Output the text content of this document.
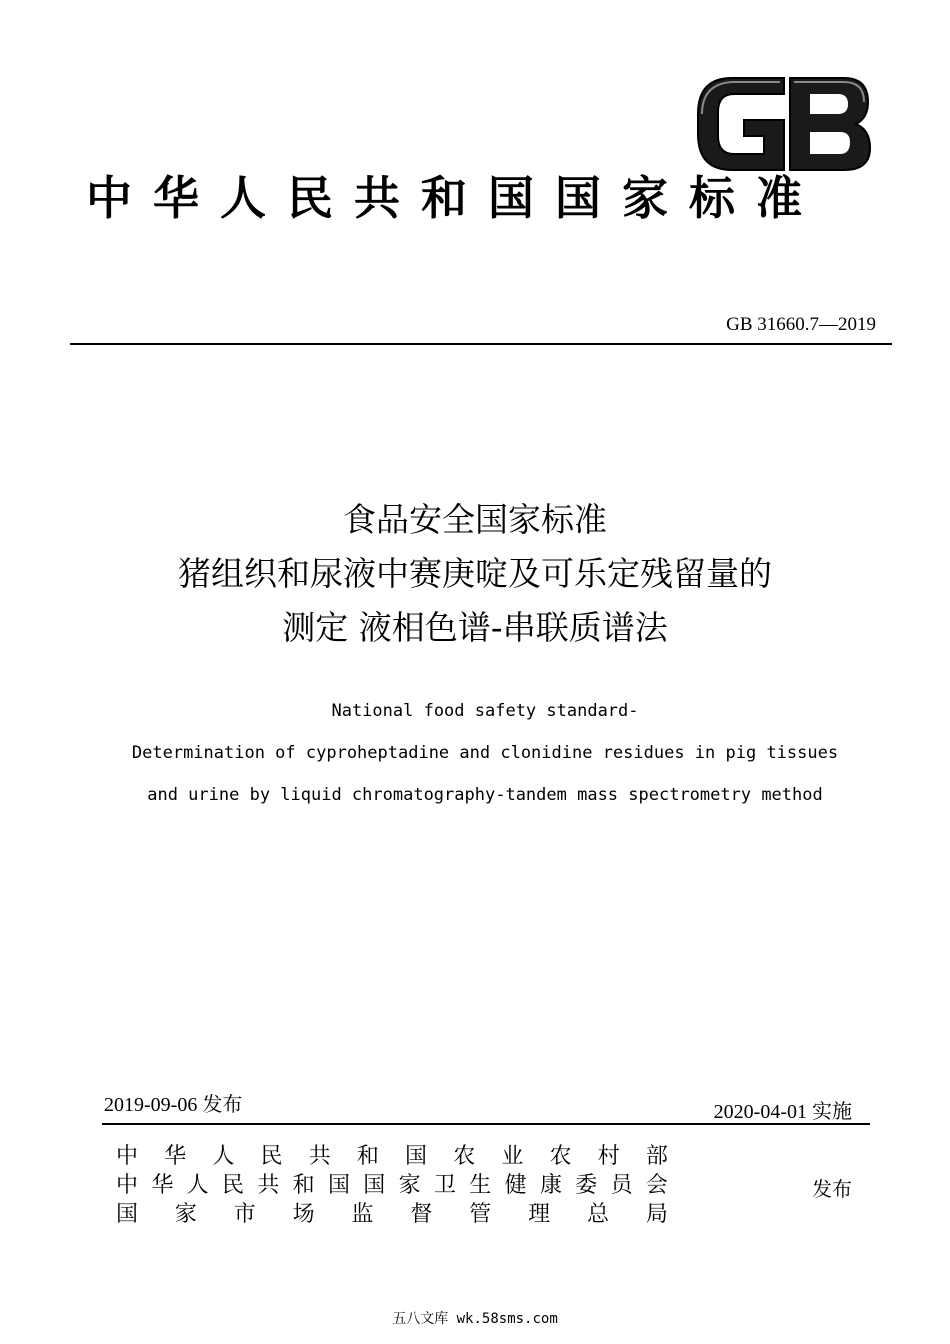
中华人民共和国国家标准
GB 31660.7—2019
食品安全国家标准
猪组织和尿液中赛庚啶及可乐定残留量的
测定 液相色谱-串联质谱法
National food safety standard-
Determination of cyproheptadine and clonidine residues in pig tissues
and urine by liquid chromatography-tandem mass spectrometry method
2019-09-06 发布	2020-04-01 实施
中 华 人 民 共 和 国 农 业 农 村 部
中 华 人 民 共 和 国 国 家 卫 生 健 康 委 员 会
国 家 市 场 监 督 管 理 总 局
发布
五八文库 wk.58sms.com
